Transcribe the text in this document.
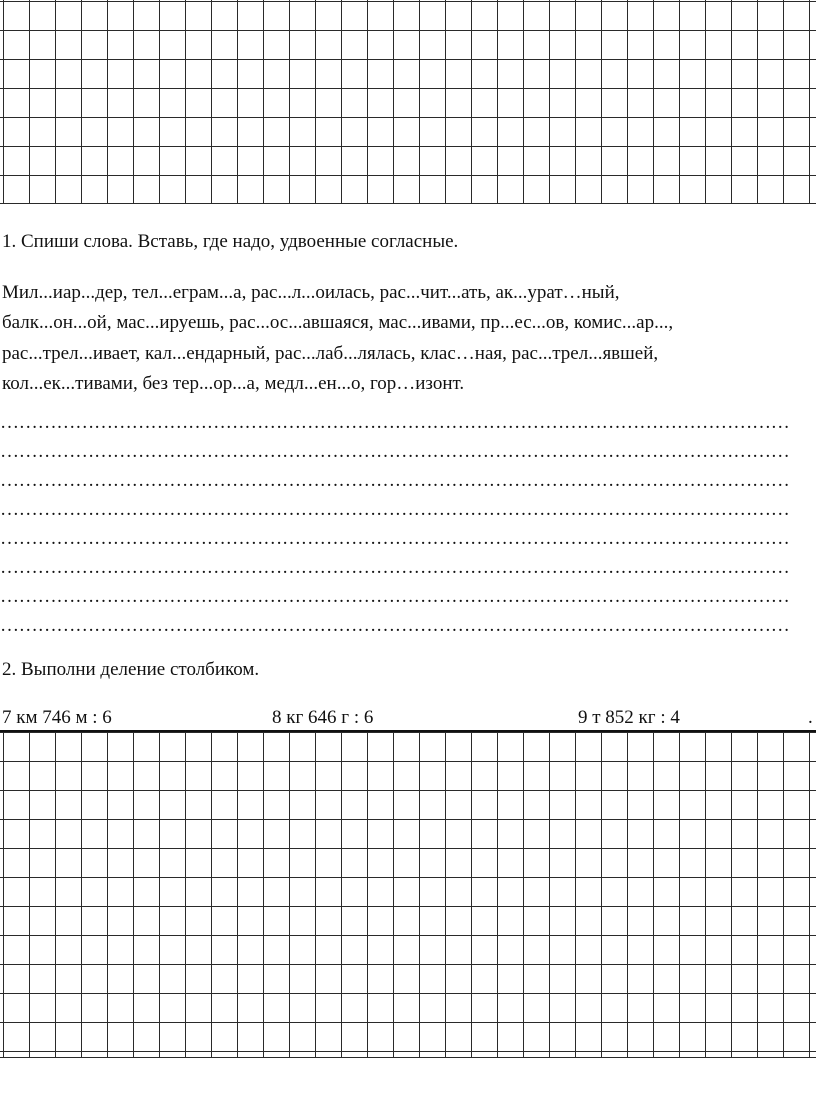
1. Спиши слова. Вставь, где надо, удвоенные согласные.
Мил...иар...дер, тел...еграм...а, рас...л...оилась, рас...чит...ать, ак...урат…ный,
балк...он...ой, мас...ируешь, рас...ос...авшаяся, мас...ивами, пр...ес...ов, комис...ар...,
рас...трел...ивает, кал...ендарный, рас...лаб...лялась, клас…ная, рас...трел...явшей,
кол...ек...тивами, без тер...ор...а, медл...ен...о, гор…изонт.
………………………………………………………………………………………………………………
………………………………………………………………………………………………………………
………………………………………………………………………………………………………………
………………………………………………………………………………………………………………
………………………………………………………………………………………………………………
………………………………………………………………………………………………………………
………………………………………………………………………………………………………………
………………………………………………………………………………………………………………
2. Выполни деление столбиком.
7 км 746 м : 6	8 кг 646 г : 6	9 т 852 кг : 4	.
